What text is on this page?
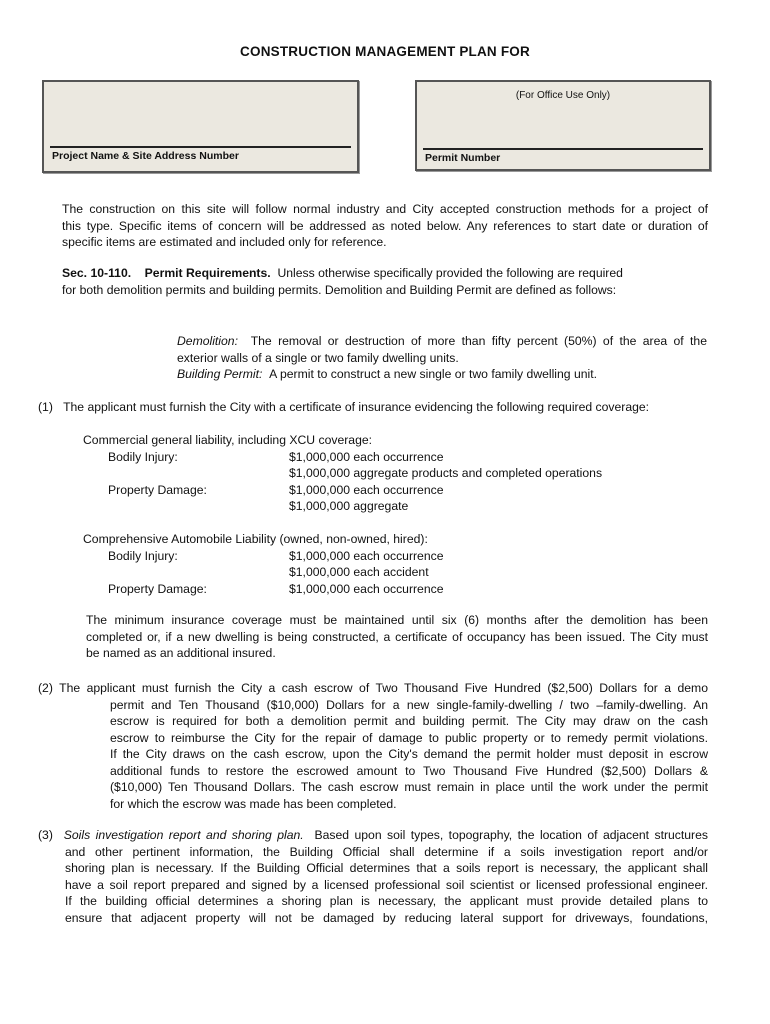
CONSTRUCTION MANAGEMENT PLAN FOR
Project Name & Site Address Number
(For Office Use Only)
Permit Number
The construction on this site will follow normal industry and City accepted construction methods for a project of
this type. Specific items of concern will be addressed as noted below. Any references to start date or duration of
specific items are estimated and included only for reference.
Sec. 10-110. Permit Requirements. Unless otherwise specifically provided the following are required
for both demolition permits and building permits. Demolition and Building Permit are defined as follows:
Demolition: The removal or destruction of more than fifty percent (50%) of the area of the
exterior walls of a single or two family dwelling units.
Building Permit: A permit to construct a new single or two family dwelling unit.
(1) The applicant must furnish the City with a certificate of insurance evidencing the following required coverage:
Commercial general liability, including XCU coverage:
Bodily Injury:	$1,000,000 each occurrence
$1,000,000 aggregate products and completed operations
Property Damage:	$1,000,000 each occurrence
$1,000,000 aggregate
Comprehensive Automobile Liability (owned, non-owned, hired):
Bodily Injury:	$1,000,000 each occurrence
$1,000,000 each accident
Property Damage:	$1,000,000 each occurrence
The minimum insurance coverage must be maintained until six (6) months after the demolition has been
completed or, if a new dwelling is being constructed, a certificate of occupancy has been issued. The City must
be named as an additional insured.
(2) The applicant must furnish the City a cash escrow of Two Thousand Five Hundred ($2,500) Dollars for a demo
permit and Ten Thousand ($10,000) Dollars for a new single-family-dwelling / two –family-dwelling. An
escrow is required for both a demolition permit and building permit. The City may draw on the cash
escrow to reimburse the City for the repair of damage to public property or to remedy permit violations.
If the City draws on the cash escrow, upon the City's demand the permit holder must deposit in escrow
additional funds to restore the escrowed amount to Two Thousand Five Hundred ($2,500) Dollars &
($10,000) Ten Thousand Dollars. The cash escrow must remain in place until the work under the permit
for which the escrow was made has been completed.
(3) Soils investigation report and shoring plan. Based upon soil types, topography, the location of adjacent structures
and other pertinent information, the Building Official shall determine if a soils investigation report and/or
shoring plan is necessary. If the Building Official determines that a soils report is necessary, the applicant shall
have a soil report prepared and signed by a licensed professional soil scientist or licensed professional engineer.
If the building official determines a shoring plan is necessary, the applicant must provide detailed plans to
ensure that adjacent property will not be damaged by reducing lateral support for driveways, foundations,
